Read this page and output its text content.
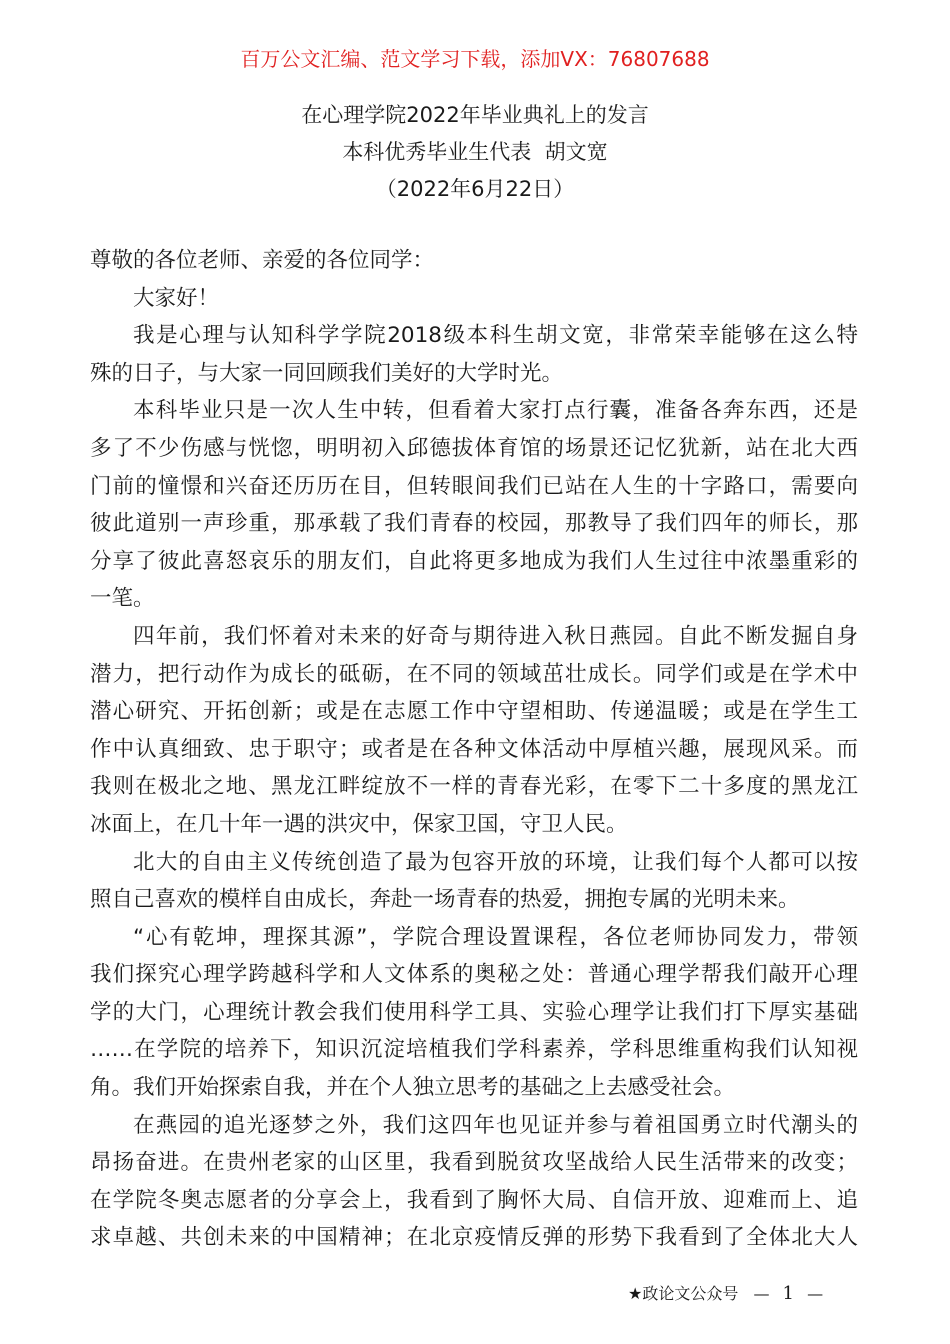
百万公文汇编、范文学习下载，添加VX：76807688
在心理学院2022年毕业典礼上的发言
本科优秀毕业生代表  胡文宽
（2022年6月22日）
尊敬的各位老师、亲爱的各位同学：
大家好！
我是心理与认知科学学院2018级本科生胡文宽，非常荣幸能够在这么特
殊的日子，与大家一同回顾我们美好的大学时光。
本科毕业只是一次人生中转，但看着大家打点行囊，准备各奔东西，还是
多了不少伤感与恍惚，明明初入邱德拔体育馆的场景还记忆犹新，站在北大西
门前的憧憬和兴奋还历历在目，但转眼间我们已站在人生的十字路口，需要向
彼此道别一声珍重，那承载了我们青春的校园，那教导了我们四年的师长，那
分享了彼此喜怒哀乐的朋友们，自此将更多地成为我们人生过往中浓墨重彩的
一笔。
四年前，我们怀着对未来的好奇与期待进入秋日燕园。自此不断发掘自身
潜力，把行动作为成长的砥砺，在不同的领域茁壮成长。同学们或是在学术中
潜心研究、开拓创新；或是在志愿工作中守望相助、传递温暖；或是在学生工
作中认真细致、忠于职守；或者是在各种文体活动中厚植兴趣，展现风采。而
我则在极北之地、黑龙江畔绽放不一样的青春光彩，在零下二十多度的黑龙江
冰面上，在几十年一遇的洪灾中，保家卫国，守卫人民。
北大的自由主义传统创造了最为包容开放的环境，让我们每个人都可以按
照自己喜欢的模样自由成长，奔赴一场青春的热爱，拥抱专属的光明未来。
“心有乾坤，理探其源”，学院合理设置课程，各位老师协同发力，带领
我们探究心理学跨越科学和人文体系的奥秘之处：普通心理学帮我们敲开心理
学的大门，心理统计教会我们使用科学工具、实验心理学让我们打下厚实基础
……在学院的培养下，知识沉淀培植我们学科素养，学科思维重构我们认知视
角。我们开始探索自我，并在个人独立思考的基础之上去感受社会。
在燕园的追光逐梦之外，我们这四年也见证并参与着祖国勇立时代潮头的
昂扬奋进。在贵州老家的山区里，我看到脱贫攻坚战给人民生活带来的改变；
在学院冬奥志愿者的分享会上，我看到了胸怀大局、自信开放、迎难而上、追
求卓越、共创未来的中国精神；在北京疫情反弹的形势下我看到了全体北大人
★政论文公众号 — 1 —
